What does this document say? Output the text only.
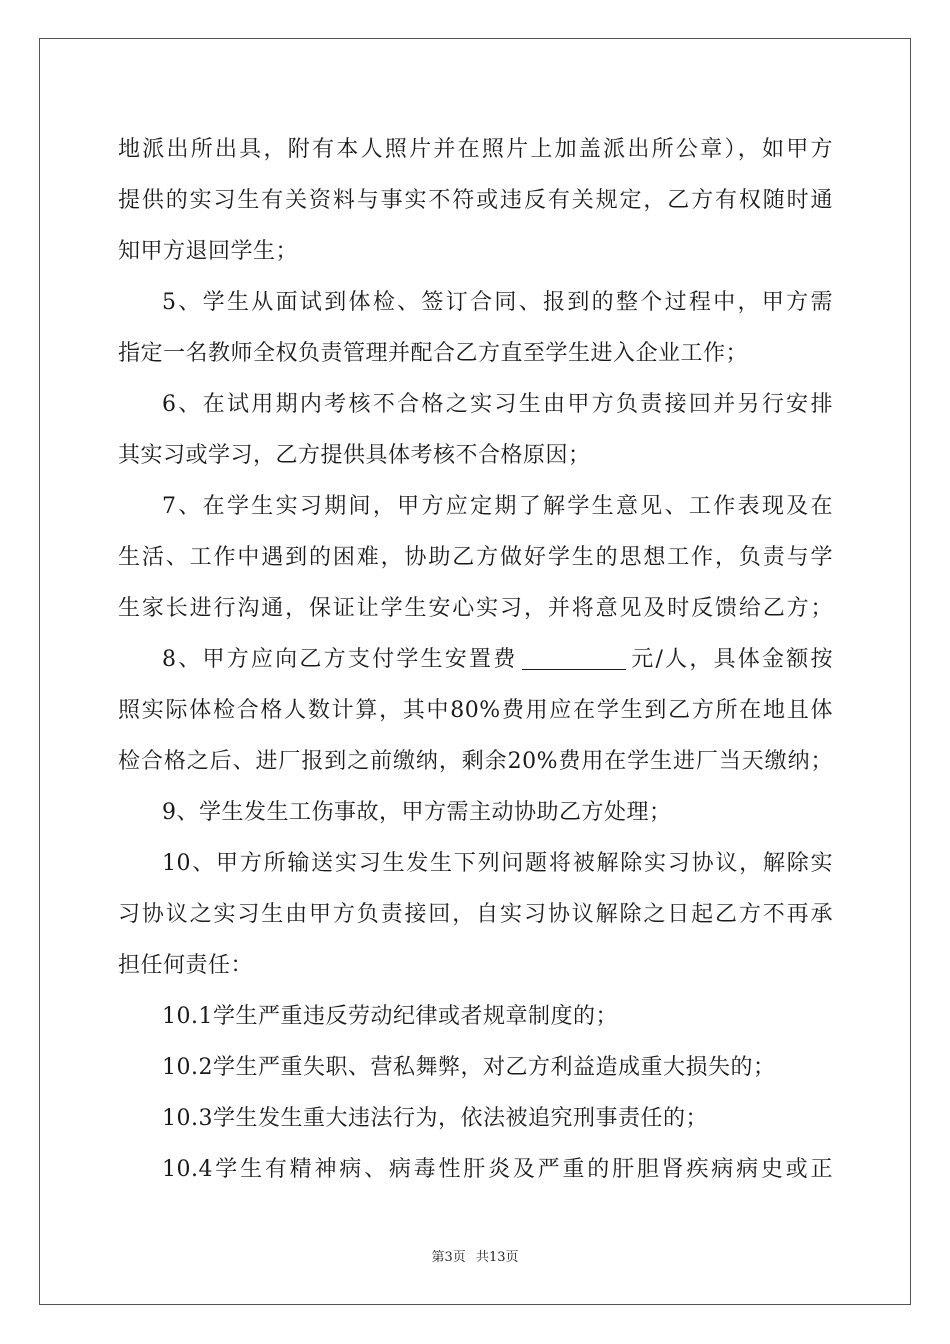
地派出所出具，附有本人照片并在照片上加盖派出所公章），如甲方
提供的实习生有关资料与事实不符或违反有关规定，乙方有权随时通
知甲方退回学生；
5、学生从面试到体检、签订合同、报到的整个过程中，甲方需
指定一名教师全权负责管理并配合乙方直至学生进入企业工作；
6、在试用期内考核不合格之实习生由甲方负责接回并另行安排
其实习或学习，乙方提供具体考核不合格原因；
7、在学生实习期间，甲方应定期了解学生意见、工作表现及在
生活、工作中遇到的困难，协助乙方做好学生的思想工作，负责与学
生家长进行沟通，保证让学生安心实习，并将意见及时反馈给乙方；
8、甲方应向乙方支付学生安置费	元/人，具体金额按
照实际体检合格人数计算，其中80%费用应在学生到乙方所在地且体
检合格之后、进厂报到之前缴纳，剩余20%费用在学生进厂当天缴纳；
9、学生发生工伤事故，甲方需主动协助乙方处理；
10、甲方所输送实习生发生下列问题将被解除实习协议，解除实
习协议之实习生由甲方负责接回，自实习协议解除之日起乙方不再承
担任何责任：
10.1学生严重违反劳动纪律或者规章制度的；
10.2学生严重失职、营私舞弊，对乙方利益造成重大损失的；
10.3学生发生重大违法行为，依法被追究刑事责任的；
10.4学生有精神病、病毒性肝炎及严重的肝胆肾疾病病史或正
第3页 共13页
